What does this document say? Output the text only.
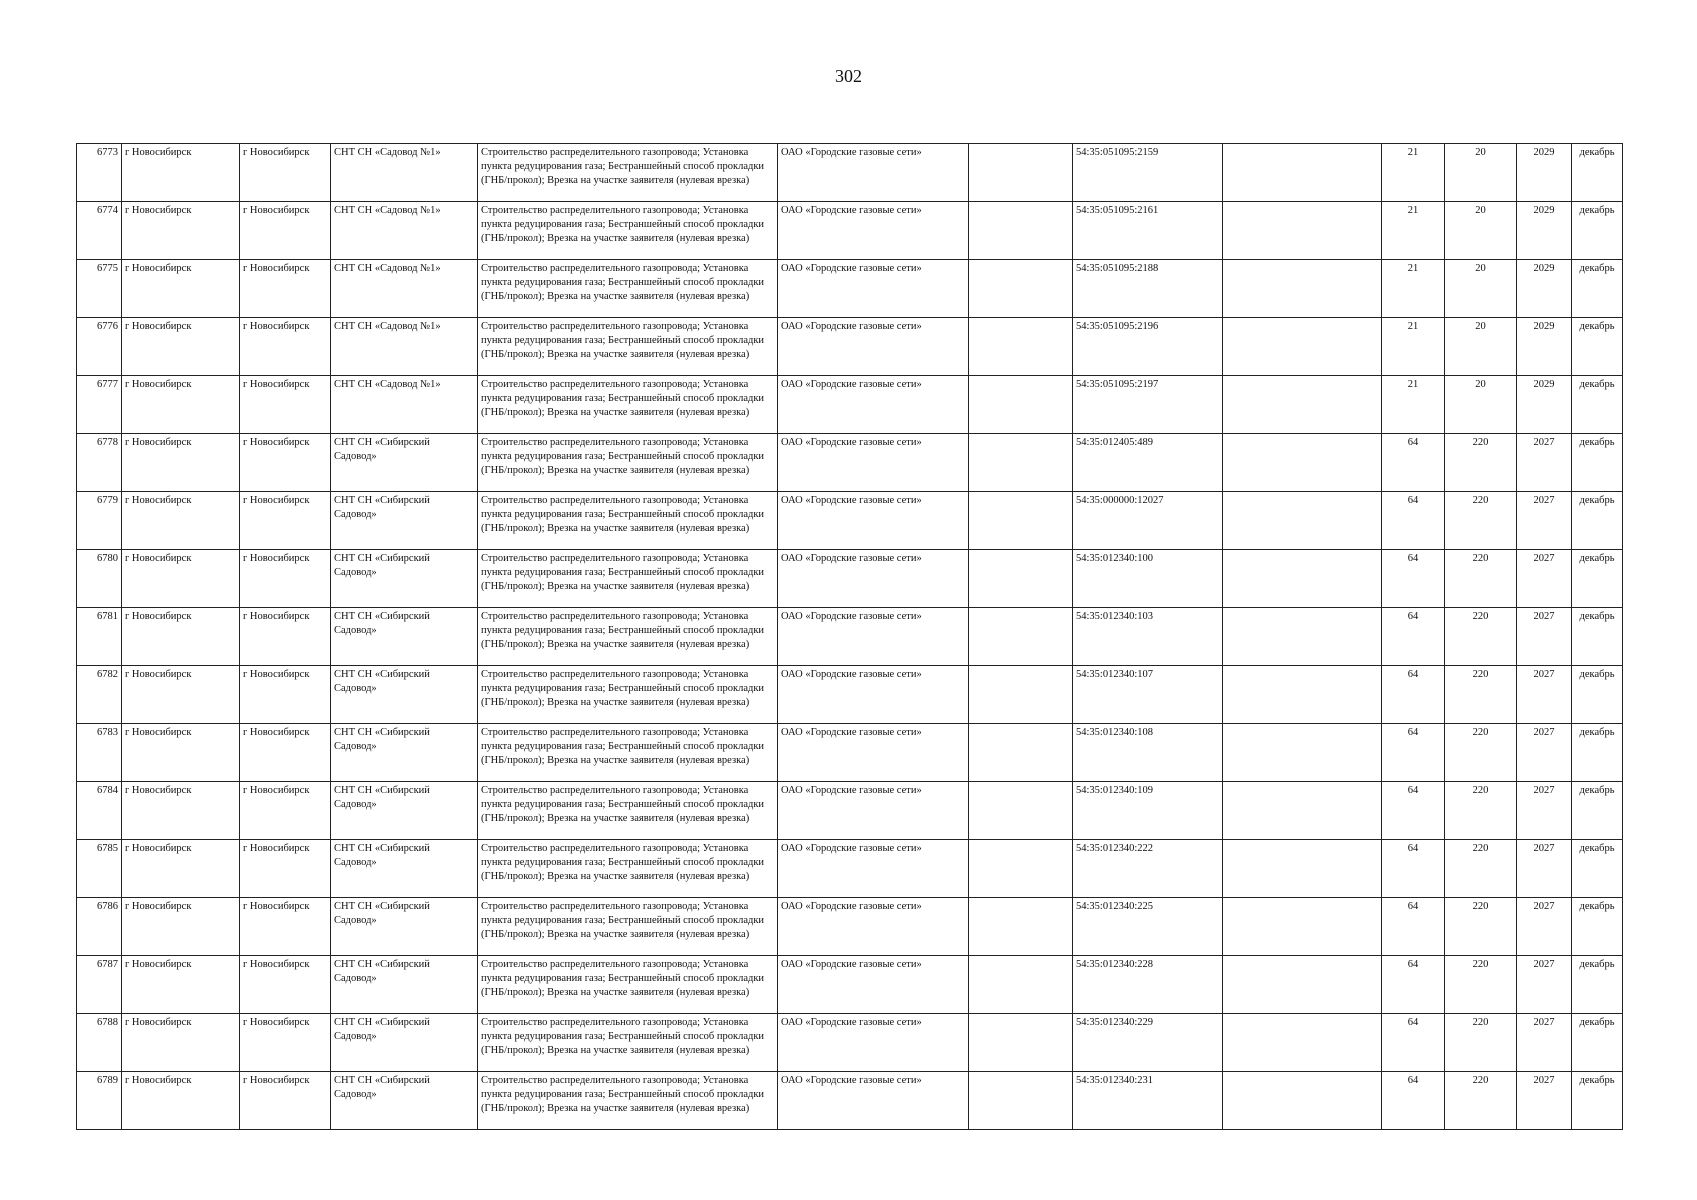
302
6773	г Новосибирск	г Новосибирск	СНТ СН «Садовод №1»	Строительство распределительного газопровода; Установка пункта редуцирования газа; Бестраншейный способ прокладки (ГНБ/прокол); Врезка на участке заявителя (нулевая врезка)	ОАО «Городские газовые сети»		54:35:051095:2159		21	20	2029	декабрь
6774	г Новосибирск	г Новосибирск	СНТ СН «Садовод №1»	Строительство распределительного газопровода; Установка пункта редуцирования газа; Бестраншейный способ прокладки (ГНБ/прокол); Врезка на участке заявителя (нулевая врезка)	ОАО «Городские газовые сети»		54:35:051095:2161		21	20	2029	декабрь
6775	г Новосибирск	г Новосибирск	СНТ СН «Садовод №1»	Строительство распределительного газопровода; Установка пункта редуцирования газа; Бестраншейный способ прокладки (ГНБ/прокол); Врезка на участке заявителя (нулевая врезка)	ОАО «Городские газовые сети»		54:35:051095:2188		21	20	2029	декабрь
6776	г Новосибирск	г Новосибирск	СНТ СН «Садовод №1»	Строительство распределительного газопровода; Установка пункта редуцирования газа; Бестраншейный способ прокладки (ГНБ/прокол); Врезка на участке заявителя (нулевая врезка)	ОАО «Городские газовые сети»		54:35:051095:2196		21	20	2029	декабрь
6777	г Новосибирск	г Новосибирск	СНТ СН «Садовод №1»	Строительство распределительного газопровода; Установка пункта редуцирования газа; Бестраншейный способ прокладки (ГНБ/прокол); Врезка на участке заявителя (нулевая врезка)	ОАО «Городские газовые сети»		54:35:051095:2197		21	20	2029	декабрь
6778	г Новосибирск	г Новосибирск	СНТ СН «Сибирский Садовод»	Строительство распределительного газопровода; Установка пункта редуцирования газа; Бестраншейный способ прокладки (ГНБ/прокол); Врезка на участке заявителя (нулевая врезка)	ОАО «Городские газовые сети»		54:35:012405:489		64	220	2027	декабрь
6779	г Новосибирск	г Новосибирск	СНТ СН «Сибирский Садовод»	Строительство распределительного газопровода; Установка пункта редуцирования газа; Бестраншейный способ прокладки (ГНБ/прокол); Врезка на участке заявителя (нулевая врезка)	ОАО «Городские газовые сети»		54:35:000000:12027		64	220	2027	декабрь
6780	г Новосибирск	г Новосибирск	СНТ СН «Сибирский Садовод»	Строительство распределительного газопровода; Установка пункта редуцирования газа; Бестраншейный способ прокладки (ГНБ/прокол); Врезка на участке заявителя (нулевая врезка)	ОАО «Городские газовые сети»		54:35:012340:100		64	220	2027	декабрь
6781	г Новосибирск	г Новосибирск	СНТ СН «Сибирский Садовод»	Строительство распределительного газопровода; Установка пункта редуцирования газа; Бестраншейный способ прокладки (ГНБ/прокол); Врезка на участке заявителя (нулевая врезка)	ОАО «Городские газовые сети»		54:35:012340:103		64	220	2027	декабрь
6782	г Новосибирск	г Новосибирск	СНТ СН «Сибирский Садовод»	Строительство распределительного газопровода; Установка пункта редуцирования газа; Бестраншейный способ прокладки (ГНБ/прокол); Врезка на участке заявителя (нулевая врезка)	ОАО «Городские газовые сети»		54:35:012340:107		64	220	2027	декабрь
6783	г Новосибирск	г Новосибирск	СНТ СН «Сибирский Садовод»	Строительство распределительного газопровода; Установка пункта редуцирования газа; Бестраншейный способ прокладки (ГНБ/прокол); Врезка на участке заявителя (нулевая врезка)	ОАО «Городские газовые сети»		54:35:012340:108		64	220	2027	декабрь
6784	г Новосибирск	г Новосибирск	СНТ СН «Сибирский Садовод»	Строительство распределительного газопровода; Установка пункта редуцирования газа; Бестраншейный способ прокладки (ГНБ/прокол); Врезка на участке заявителя (нулевая врезка)	ОАО «Городские газовые сети»		54:35:012340:109		64	220	2027	декабрь
6785	г Новосибирск	г Новосибирск	СНТ СН «Сибирский Садовод»	Строительство распределительного газопровода; Установка пункта редуцирования газа; Бестраншейный способ прокладки (ГНБ/прокол); Врезка на участке заявителя (нулевая врезка)	ОАО «Городские газовые сети»		54:35:012340:222		64	220	2027	декабрь
6786	г Новосибирск	г Новосибирск	СНТ СН «Сибирский Садовод»	Строительство распределительного газопровода; Установка пункта редуцирования газа; Бестраншейный способ прокладки (ГНБ/прокол); Врезка на участке заявителя (нулевая врезка)	ОАО «Городские газовые сети»		54:35:012340:225		64	220	2027	декабрь
6787	г Новосибирск	г Новосибирск	СНТ СН «Сибирский Садовод»	Строительство распределительного газопровода; Установка пункта редуцирования газа; Бестраншейный способ прокладки (ГНБ/прокол); Врезка на участке заявителя (нулевая врезка)	ОАО «Городские газовые сети»		54:35:012340:228		64	220	2027	декабрь
6788	г Новосибирск	г Новосибирск	СНТ СН «Сибирский Садовод»	Строительство распределительного газопровода; Установка пункта редуцирования газа; Бестраншейный способ прокладки (ГНБ/прокол); Врезка на участке заявителя (нулевая врезка)	ОАО «Городские газовые сети»		54:35:012340:229		64	220	2027	декабрь
6789	г Новосибирск	г Новосибирск	СНТ СН «Сибирский Садовод»	Строительство распределительного газопровода; Установка пункта редуцирования газа; Бестраншейный способ прокладки (ГНБ/прокол); Врезка на участке заявителя (нулевая врезка)	ОАО «Городские газовые сети»		54:35:012340:231		64	220	2027	декабрь
